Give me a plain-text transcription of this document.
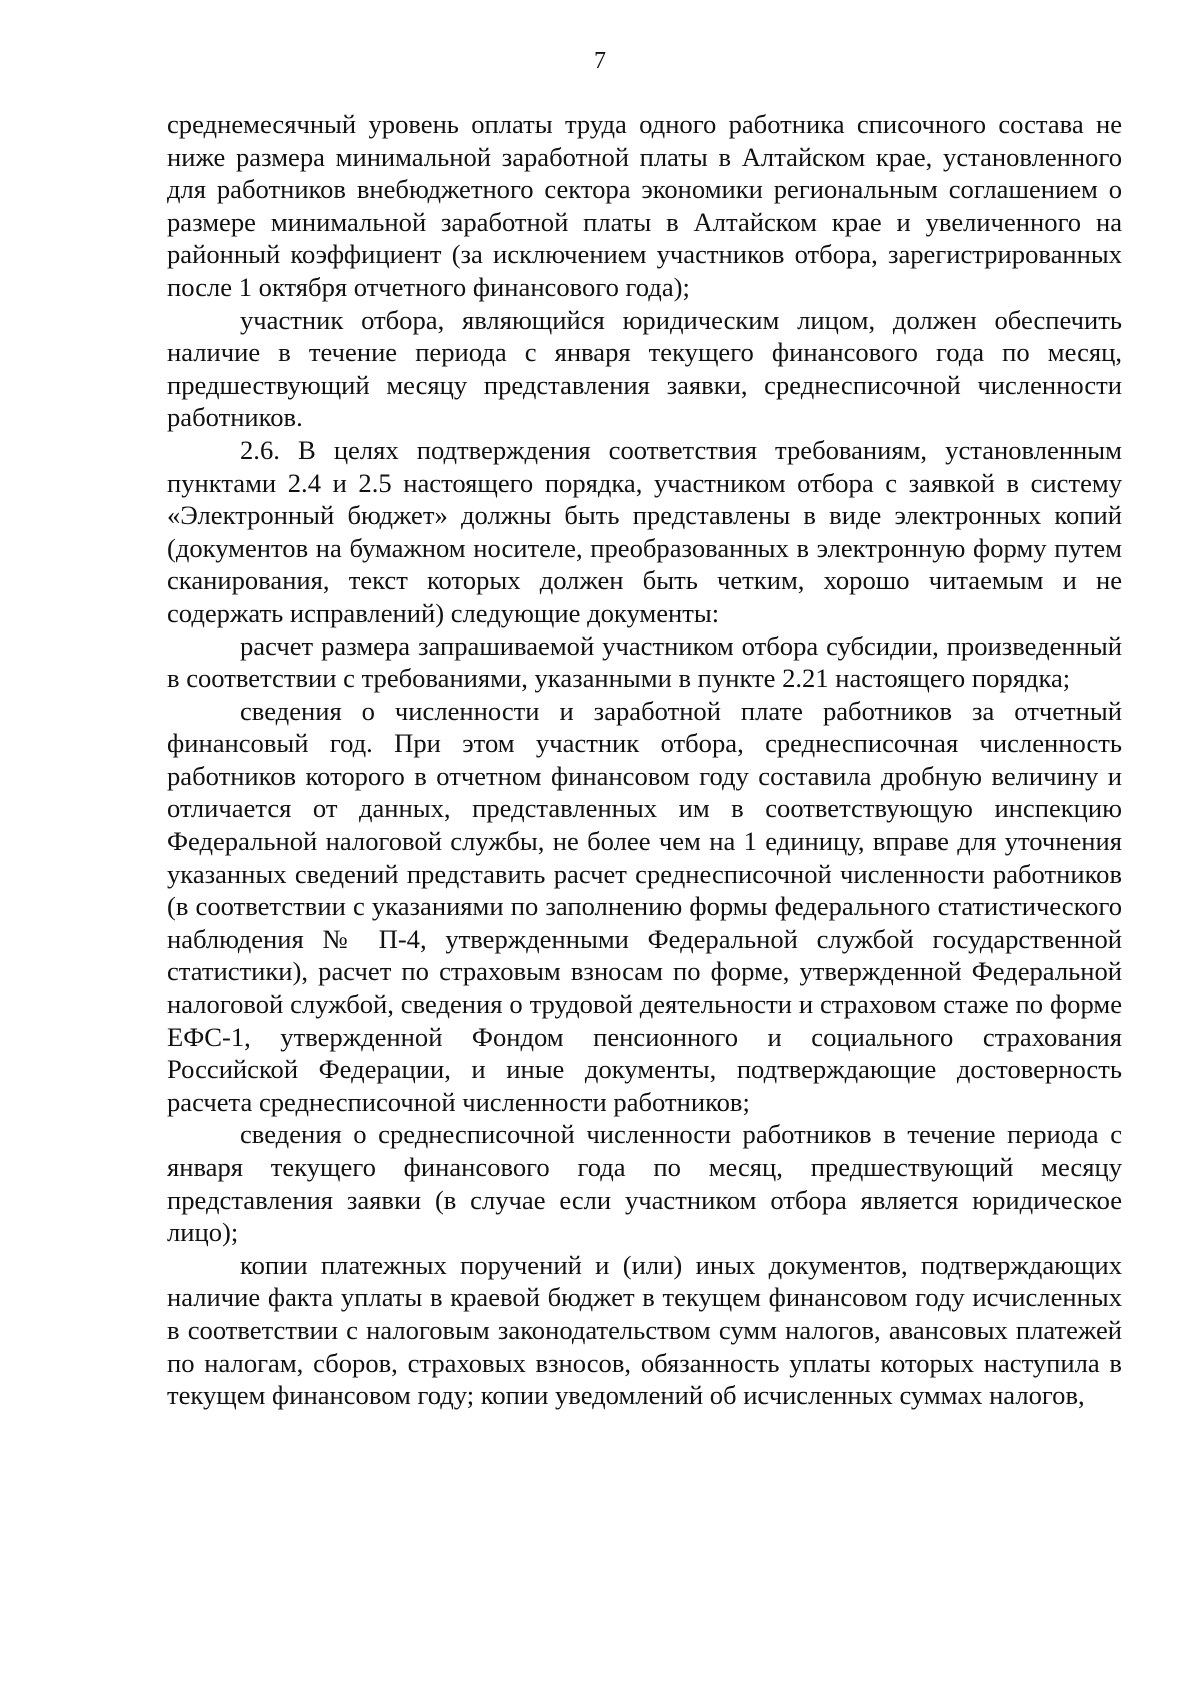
7

среднемесячный уровень оплаты труда одного работника списочного состава не ниже размера минимальной заработной платы в Алтайском крае, установленного для работников внебюджетного сектора экономики региональным соглашением о размере минимальной заработной платы в Алтайском крае и увеличенного на районный коэффициент (за исключением участников отбора, зарегистрированных после 1 октября отчетного финансового года);

участник отбора, являющийся юридическим лицом, должен обеспечить наличие в течение периода с января текущего финансового года по месяц, предшествующий месяцу представления заявки, среднесписочной численности работников.

2.6. В целях подтверждения соответствия требованиям, установленным пунктами 2.4 и 2.5 настоящего порядка, участником отбора с заявкой в систему «Электронный бюджет» должны быть представлены в виде электронных копий (документов на бумажном носителе, преобразованных в электронную форму путем сканирования, текст которых должен быть четким, хорошо читаемым и не содержать исправлений) следующие документы:

расчет размера запрашиваемой участником отбора субсидии, произведенный в соответствии с требованиями, указанными в пункте 2.21 настоящего порядка;

сведения о численности и заработной плате работников за отчетный финансовый год. При этом участник отбора, среднесписочная численность работников которого в отчетном финансовом году составила дробную величину и отличается от данных, представленных им в соответствующую инспекцию Федеральной налоговой службы, не более чем на 1 единицу, вправе для уточнения указанных сведений представить расчет среднесписочной численности работников (в соответствии с указаниями по заполнению формы федерального статистического наблюдения № П-4, утвержденными Федеральной службой государственной статистики), расчет по страховым взносам по форме, утвержденной Федеральной налоговой службой, сведения о трудовой деятельности и страховом стаже по форме ЕФС-1, утвержденной Фондом пенсионного и социального страхования Российской Федерации, и иные документы, подтверждающие достоверность расчета среднесписочной численности работников;

сведения о среднесписочной численности работников в течение периода с января текущего финансового года по месяц, предшествующий месяцу представления заявки (в случае если участником отбора является юридическое лицо);

копии платежных поручений и (или) иных документов, подтверждающих наличие факта уплаты в краевой бюджет в текущем финансовом году исчисленных в соответствии с налоговым законодательством сумм налогов, авансовых платежей по налогам, сборов, страховых взносов, обязанность уплаты которых наступила в текущем финансовом году; копии уведомлений об исчисленных суммах налогов,
